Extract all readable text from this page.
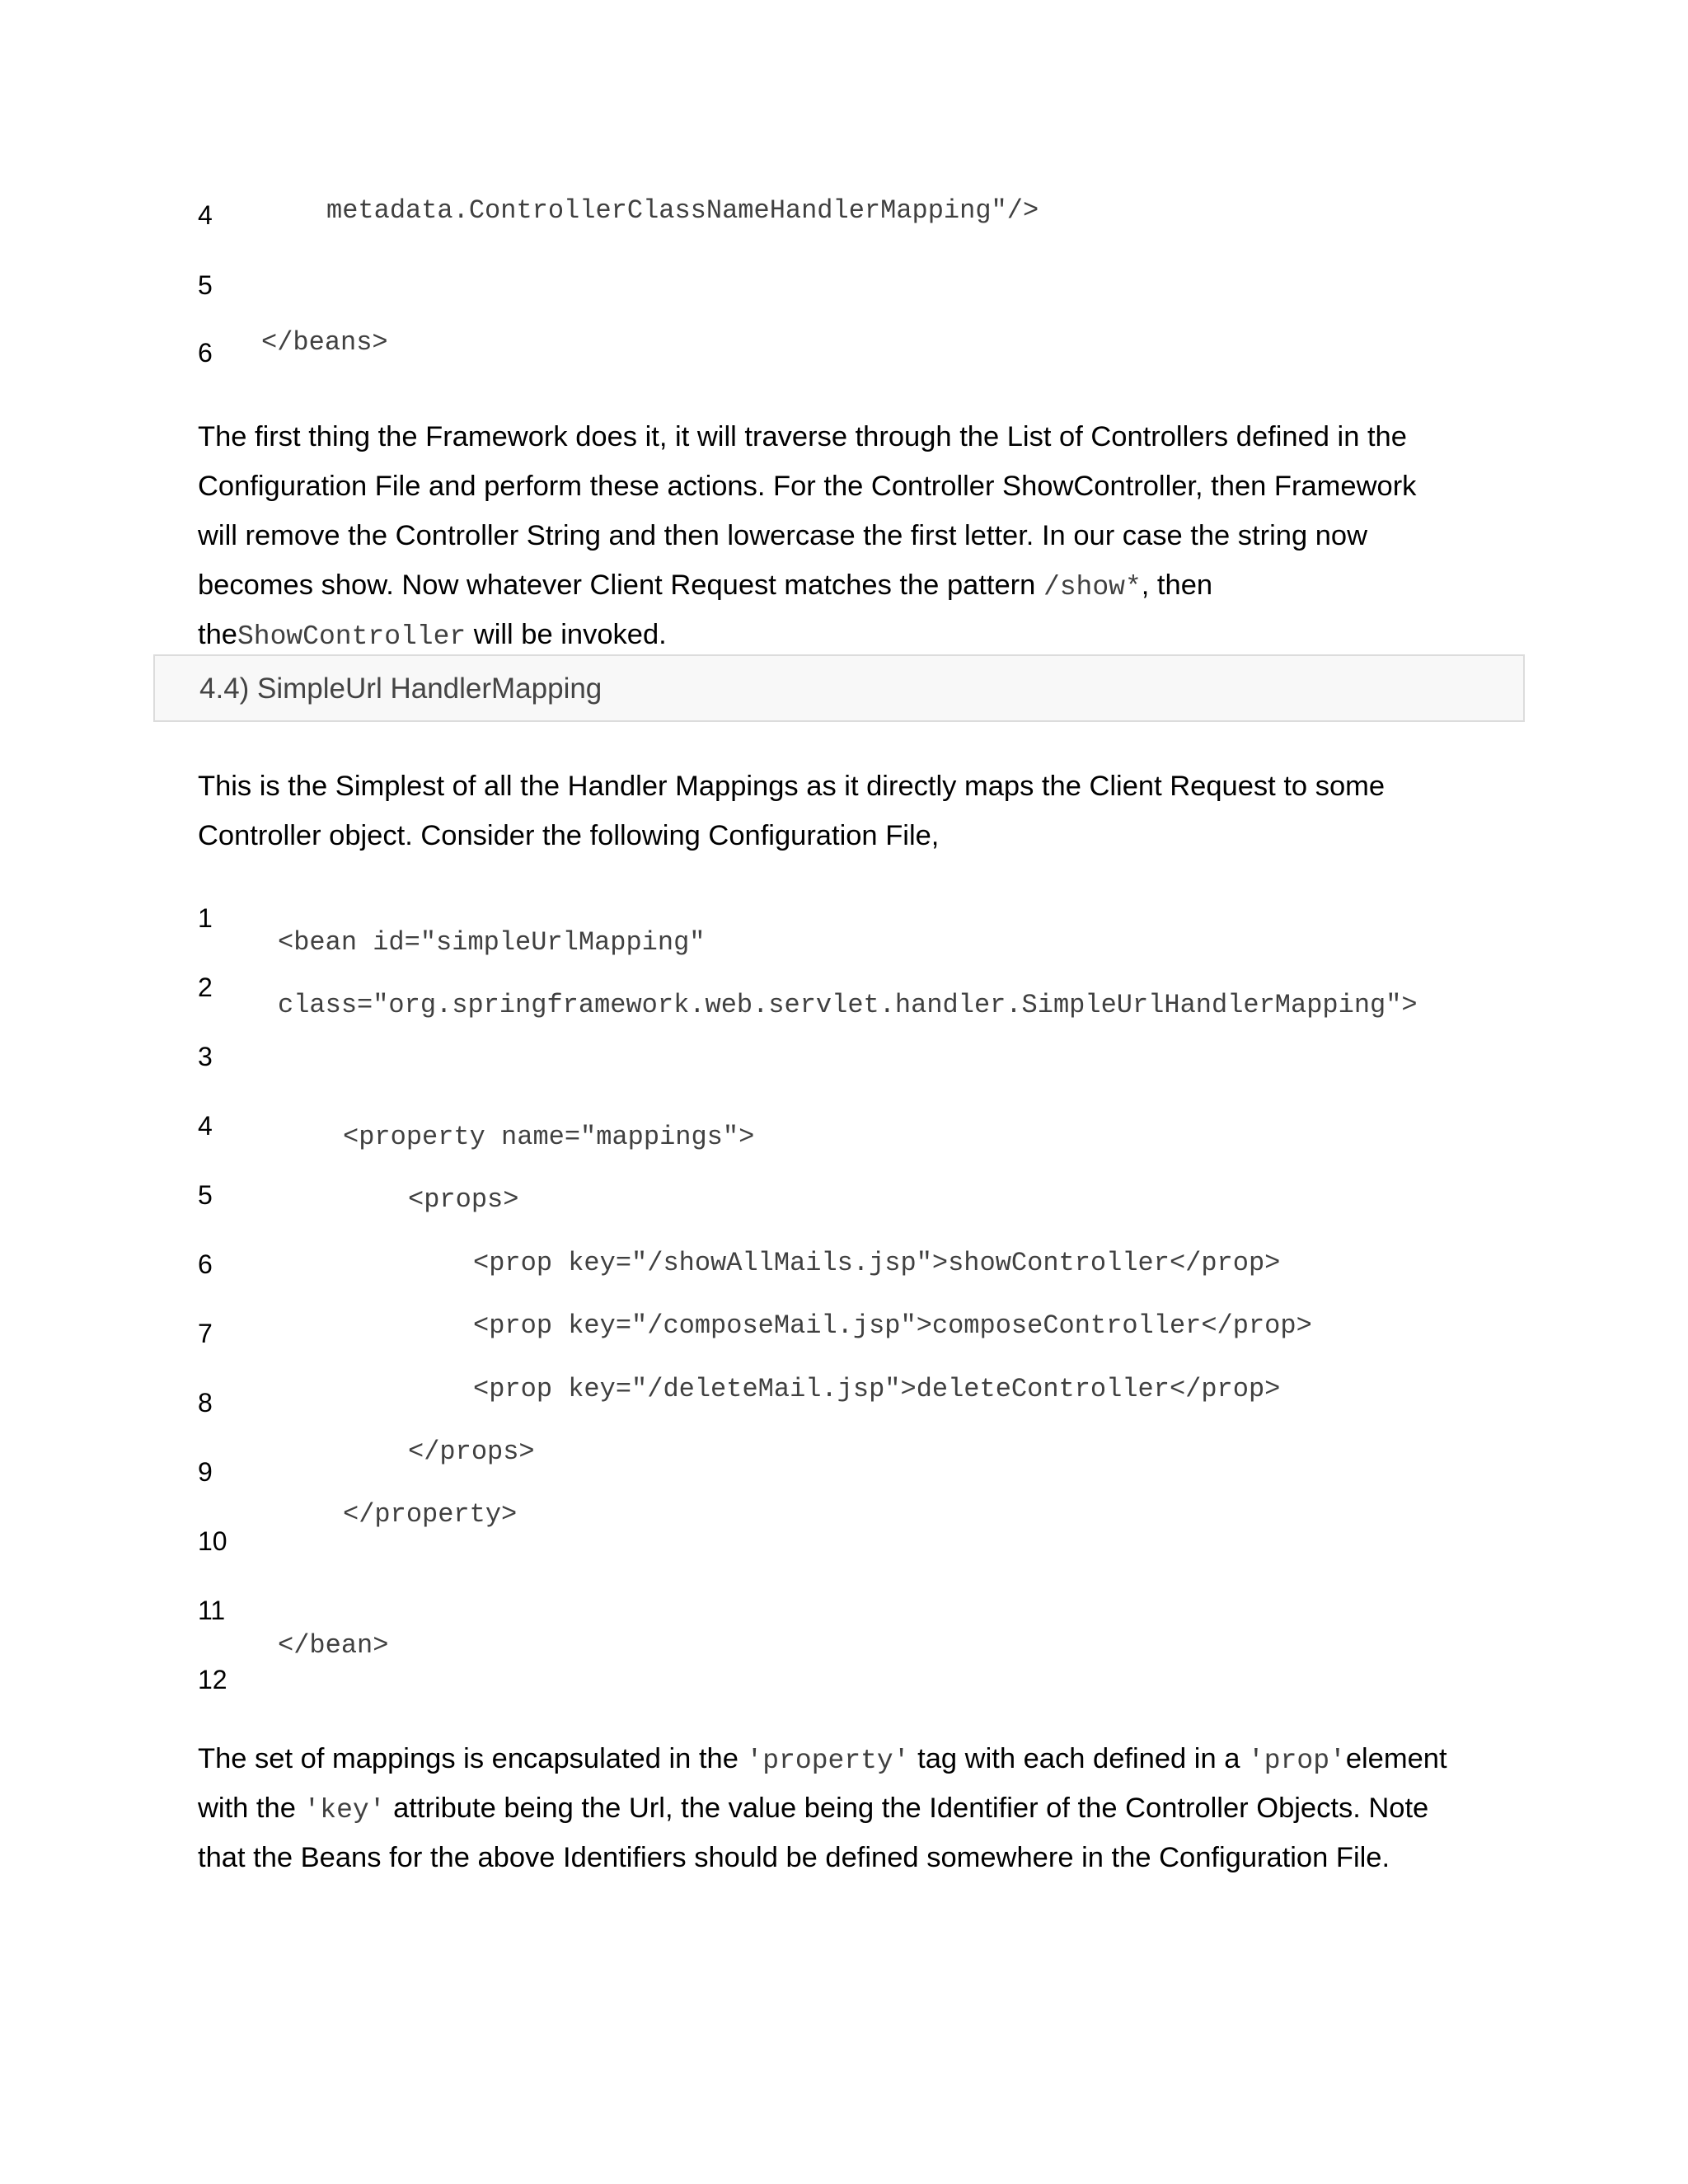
4	metadata.ControllerClassNameHandlerMapping"/>
5
6 </beans>
The first thing the Framework does it, it will traverse through the List of Controllers defined in the
Configuration File and perform these actions. For the Controller ShowController, then Framework
will remove the Controller String and then lowercase the first letter. In our case the string now
becomes show. Now whatever Client Request matches the pattern /show*, then
theShowController will be invoked.
4.4) SimpleUrl HandlerMapping
This is the Simplest of all the Handler Mappings as it directly maps the Client Request to some
Controller object. Consider the following Configuration File,
1
2
3
4
5
6
7
8
9
10
11
12
<bean id="simpleUrlMapping"
class="org.springframework.web.servlet.handler.SimpleUrlHandlerMapping">
<property name="mappings">
<props>
<prop key="/showAllMails.jsp">showController</prop>
<prop key="/composeMail.jsp">composeController</prop>
<prop key="/deleteMail.jsp">deleteController</prop>
</props>
</property>
</bean>
The set of mappings is encapsulated in the 'property' tag with each defined in a 'prop'element
with the 'key' attribute being the Url, the value being the Identifier of the Controller Objects. Note
that the Beans for the above Identifiers should be defined somewhere in the Configuration File.
